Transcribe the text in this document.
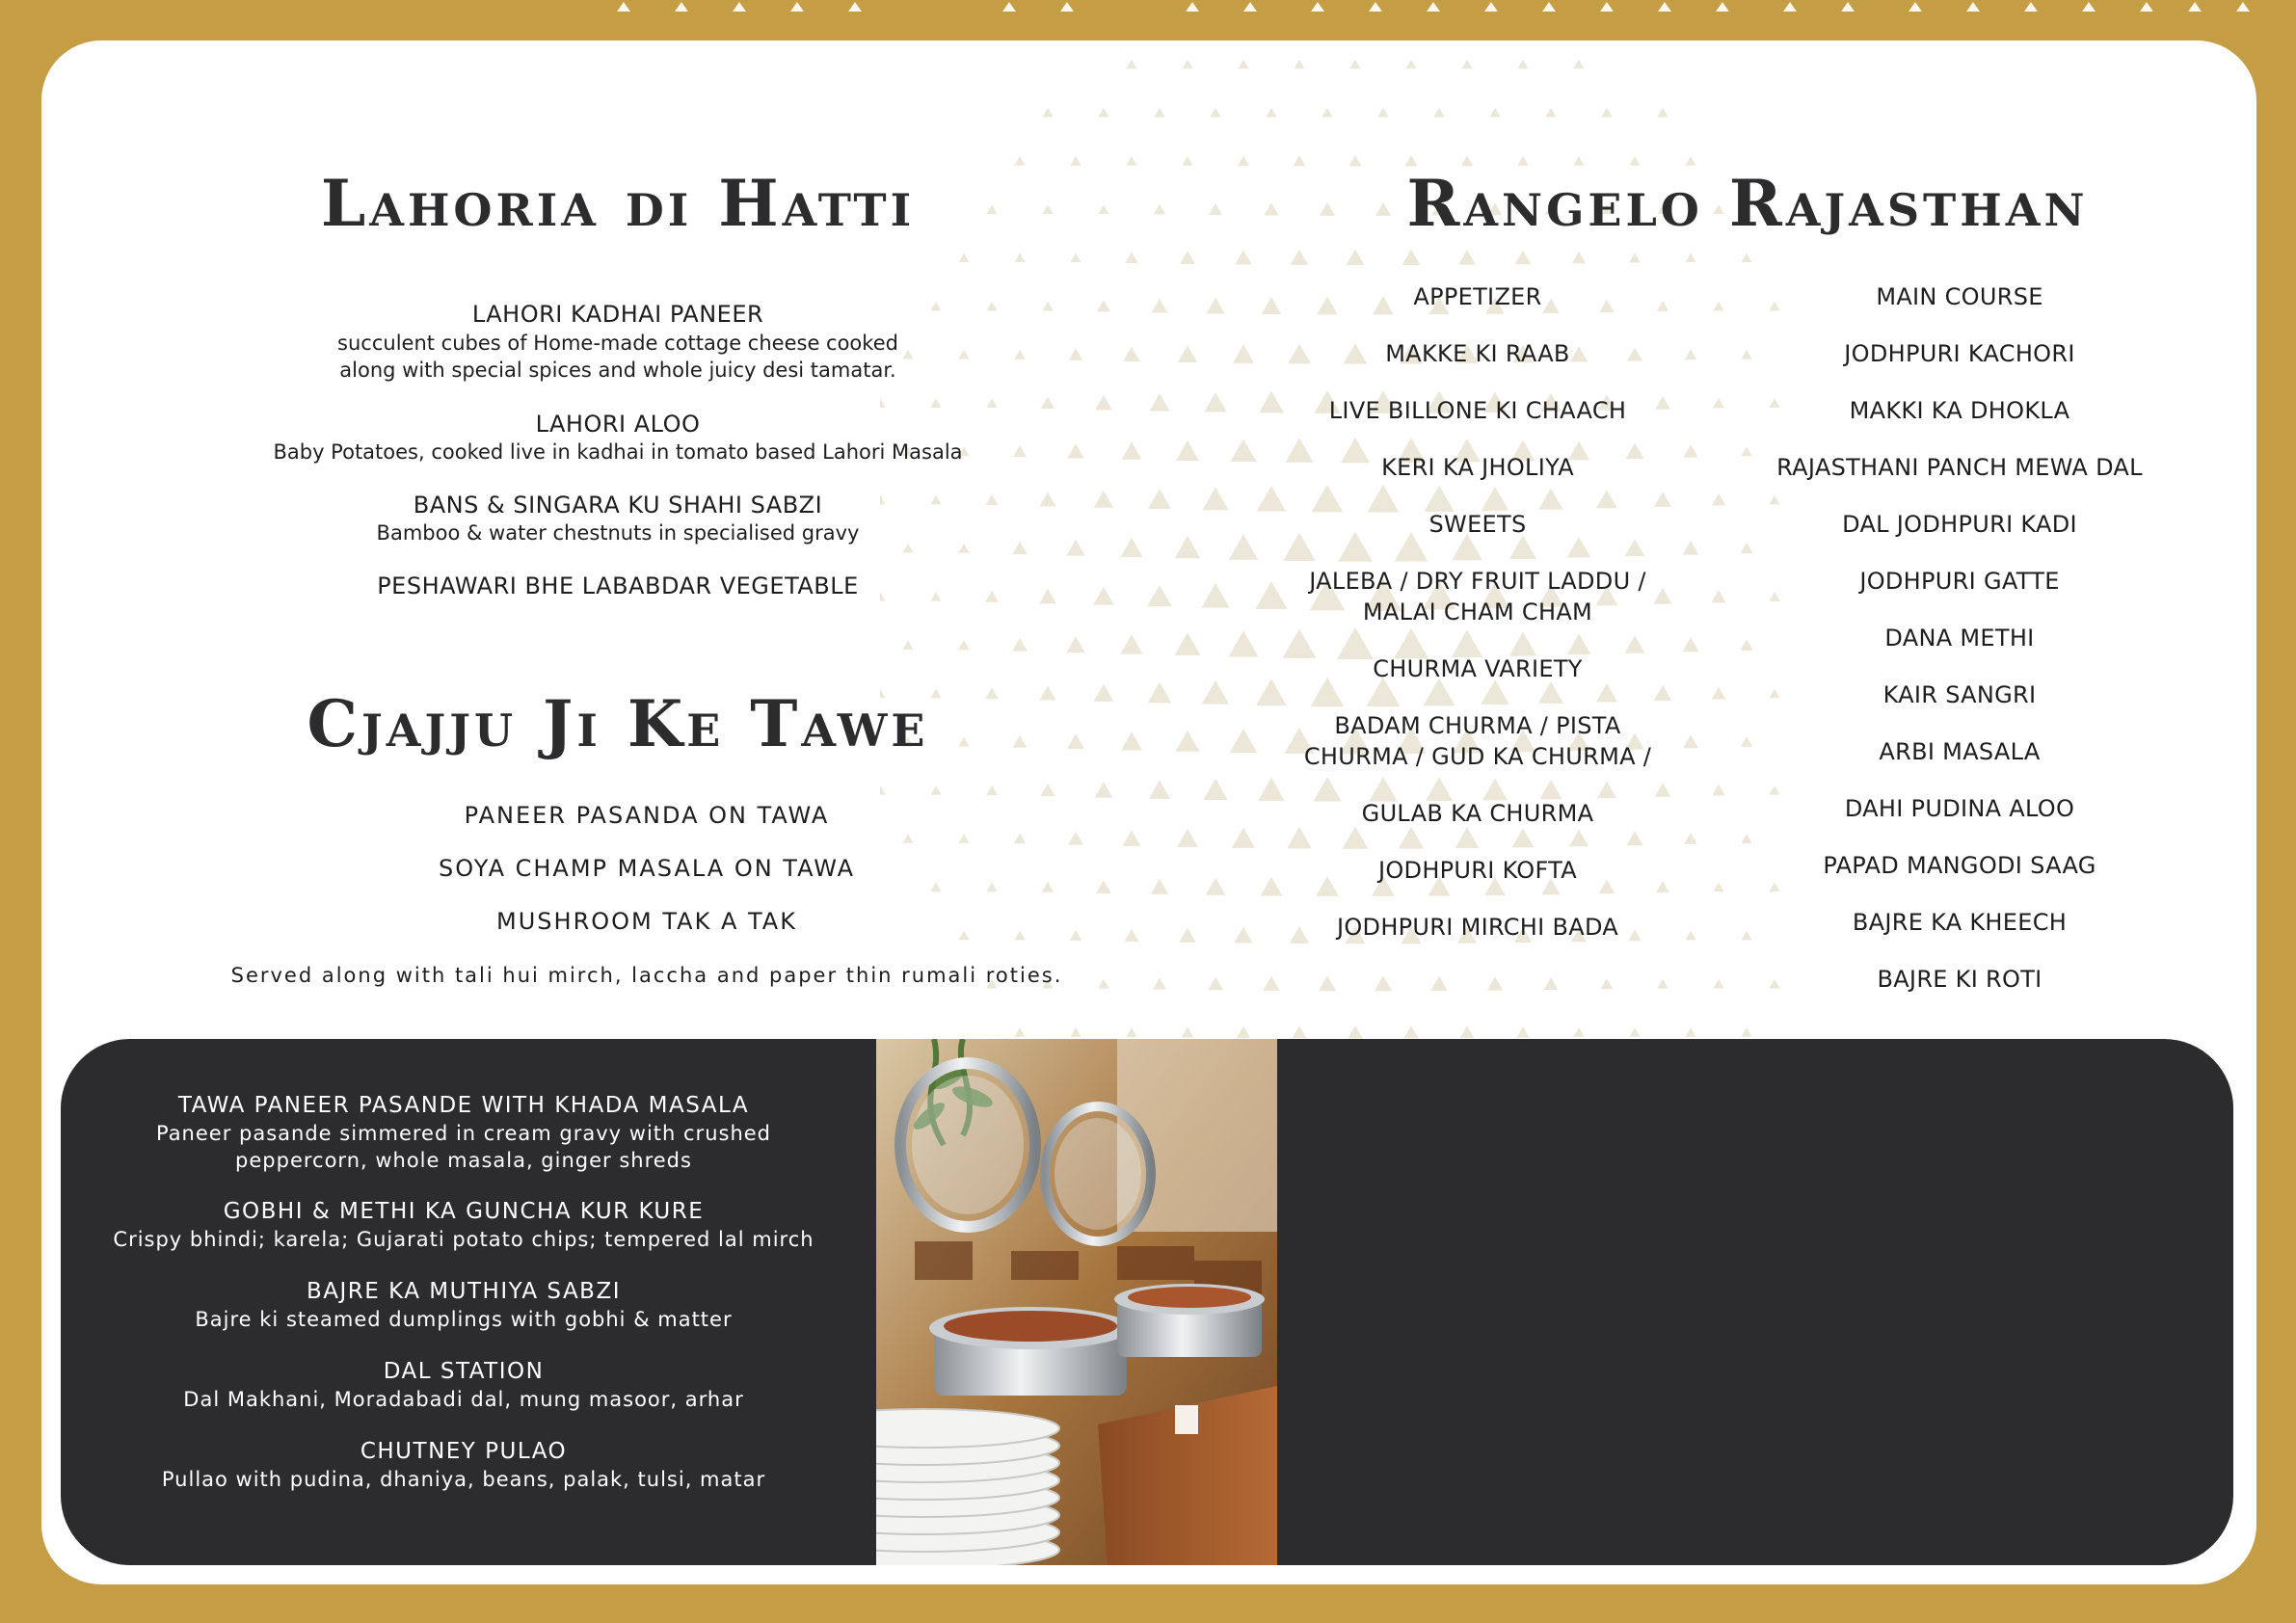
Lahoria di Hatti
LAHORI KADHAI PANEER
succulent cubes of Home-made cottage cheese cooked
along with special spices and whole juicy desi tamatar.
LAHORI ALOO
Baby Potatoes, cooked live in kadhai in tomato based Lahori Masala
BANS & SINGARA KU SHAHI SABZI
Bamboo & water chestnuts in specialised gravy
PESHAWARI BHE LABABDAR VEGETABLE
Cjajju Ji Ke Tawe
PANEER PASANDA ON TAWA
SOYA CHAMP MASALA ON TAWA
MUSHROOM TAK A TAK
Served along with tali hui mirch, laccha and paper thin rumali roties.
Rangelo Rajasthan
TAWA PANEER PASANDE WITH KHADA MASALA
Paneer pasande simmered in cream gravy with crushed
peppercorn, whole masala, ginger shreds
GOBHI & METHI KA GUNCHA KUR KURE
Crispy bhindi; karela; Gujarati potato chips; tempered lal mirch
BAJRE KA MUTHIYA SABZI
Bajre ki steamed dumplings with gobhi & matter
DAL STATION
Dal Makhani, Moradabadi dal, mung masoor, arhar
CHUTNEY PULAO
Pullao with pudina, dhaniya, beans, palak, tulsi, matar
APPETIZER
MAKKE KI RAAB
LIVE BILLONE KI CHAACH
KERI KA JHOLIYA
SWEETS
JALEBA / DRY FRUIT LADDU /
MALAI CHAM CHAM
CHURMA VARIETY
BADAM CHURMA / PISTA
CHURMA / GUD KA CHURMA /
GULAB KA CHURMA
JODHPURI KOFTA
JODHPURI MIRCHI BADA
MAIN COURSE
JODHPURI KACHORI
MAKKI KA DHOKLA
RAJASTHANI PANCH MEWA DAL
DAL JODHPURI KADI
JODHPURI GATTE
DANA METHI
KAIR SANGRI
ARBI MASALA
DAHI PUDINA ALOO
PAPAD MANGODI SAAG
BAJRE KA KHEECH
BAJRE KI ROTI
